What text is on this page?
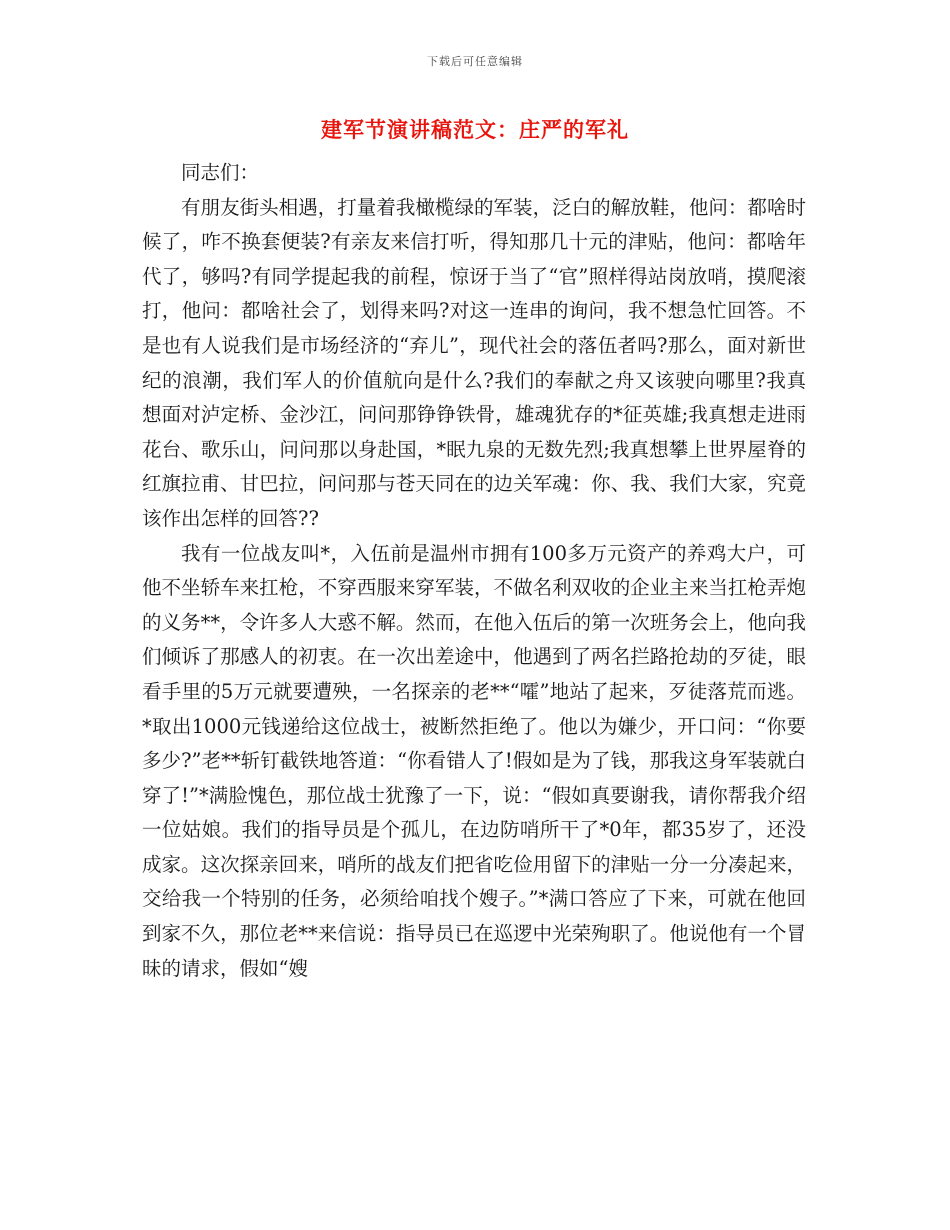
下载后可任意编辑
建军节演讲稿范文：庄严的军礼

同志们：

有朋友街头相遇，打量着我橄榄绿的军装，泛白的解放鞋，他问：都啥时候了，咋不换套便装?有亲友来信打听，得知那几十元的津贴，他问：都啥年代了，够吗?有同学提起我的前程，惊讶于当了“官”照样得站岗放哨，摸爬滚打，他问：都啥社会了，划得来吗?对这一连串的询问，我不想急忙回答。不是也有人说我们是市场经济的“弃儿”，现代社会的落伍者吗?那么，面对新世纪的浪潮，我们军人的价值航向是什么?我们的奉献之舟又该驶向哪里?我真想面对泸定桥、金沙江，问问那铮铮铁骨，雄魂犹存的*征英雄;我真想走进雨花台、歌乐山，问问那以身赴国，*眠九泉的无数先烈;我真想攀上世界屋脊的红旗拉甫、甘巴拉，问问那与苍天同在的边关军魂：你、我、我们大家，究竟该作出怎样的回答??

我有一位战友叫*，入伍前是温州市拥有100多万元资产的养鸡大户，可他不坐轿车来扛枪，不穿西服来穿军装，不做名利双收的企业主来当扛枪弄炮的义务**，令许多人大惑不解。然而，在他入伍后的第一次班务会上，他向我们倾诉了那感人的初衷。在一次出差途中，他遇到了两名拦路抢劫的歹徒，眼看手里的5万元就要遭殃，一名探亲的老**“嚯”地站了起来，歹徒落荒而逃。*取出1000元钱递给这位战士，被断然拒绝了。他以为嫌少，开口问：“你要多少?”老**斩钉截铁地答道：“你看错人了!假如是为了钱，那我这身军装就白穿了!”*满脸愧色，那位战士犹豫了一下，说：“假如真要谢我，请你帮我介绍一位姑娘。我们的指导员是个孤儿，在边防哨所干了*0年，都35岁了，还没成家。这次探亲回来，哨所的战友们把省吃俭用留下的津贴一分一分凑起来，交给我一个特别的任务，必须给咱找个嫂子。”*满口答应了下来，可就在他回到家不久，那位老**来信说：指导员已在巡逻中光荣殉职了。他说他有一个冒昧的请求，假如“嫂
